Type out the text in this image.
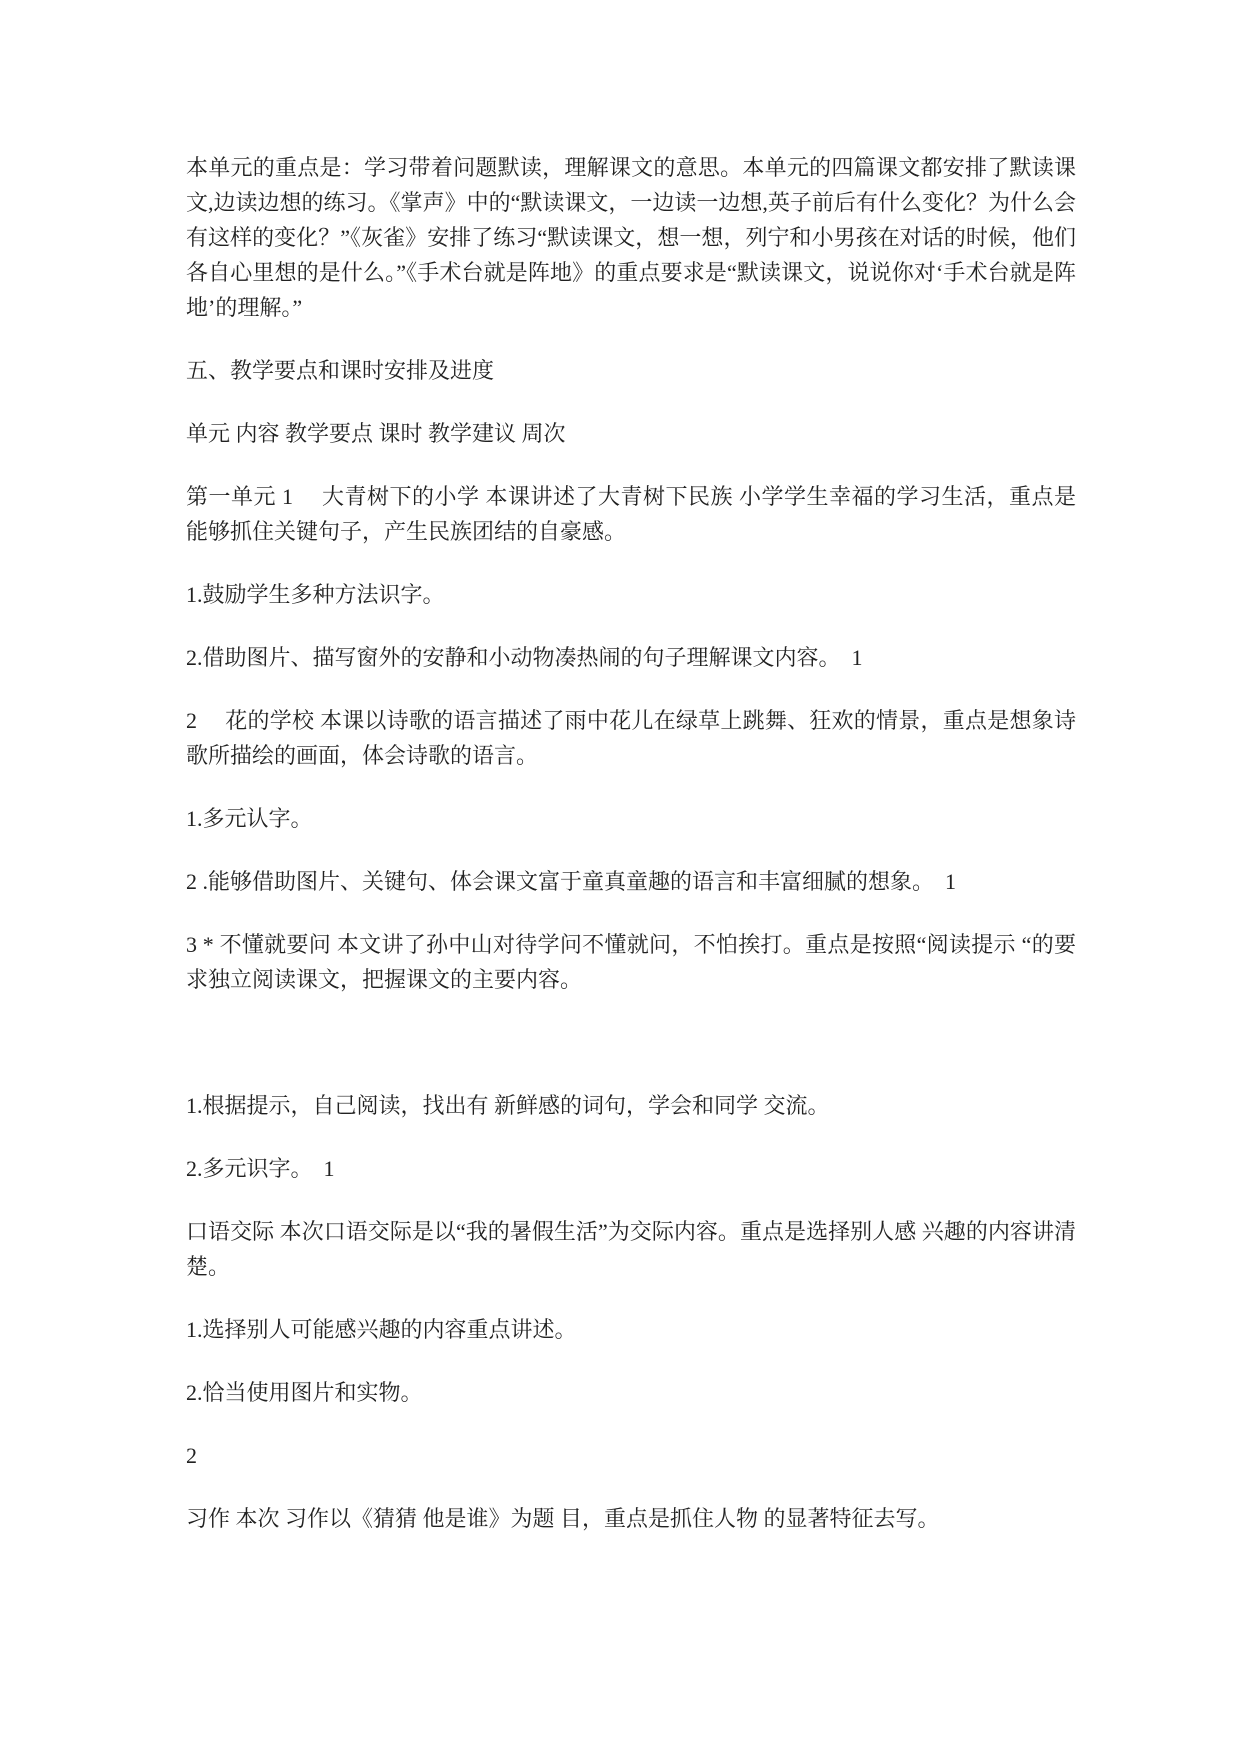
本单元的重点是：学习带着问题默读，理解课文的意思。本单元的四篇课文都安排了默读课文,边读边想的练习。《掌声》中的“默读课文，一边读一边想,英子前后有什么变化？为什么会有这样的变化？”《灰雀》安排了练习“默读课文，想一想，列宁和小男孩在对话的时候，他们各自心里想的是什么。”《手术台就是阵地》的重点要求是“默读课文，说说你对‘手术台就是阵地’的理解。”

五、教学要点和课时安排及进度

单元 内容 教学要点 课时 教学建议 周次

第一单元 1　 大青树下的小学 本课讲述了大青树下民族 小学学生幸福的学习生活，重点是能够抓住关键句子，产生民族团结的自豪感。

1.鼓励学生多种方法识字。

2.借助图片、描写窗外的安静和小动物凑热闹的句子理解课文内容。　1

2　 花的学校 本课以诗歌的语言描述了雨中花儿在绿草上跳舞、狂欢的情景，重点是想象诗歌所描绘的画面，体会诗歌的语言。

1.多元认字。

2 .能够借助图片、关键句、体会课文富于童真童趣的语言和丰富细腻的想象。　1

3 * 不懂就要问 本文讲了孙中山对待学问不懂就问，不怕挨打。重点是按照“阅读提示 “的要求独立阅读课文，把握课文的主要内容。

1.根据提示，自己阅读，找出有 新鲜感的词句，学会和同学 交流。

2.多元识字。　1

口语交际 本次口语交际是以“我的暑假生活”为交际内容。重点是选择别人感 兴趣的内容讲清楚。

1.选择别人可能感兴趣的内容重点讲述。

2.恰当使用图片和实物。

2

习作 本次 习作以《猜猜 他是谁》为题 目，重点是抓住人物 的显著特征去写。
